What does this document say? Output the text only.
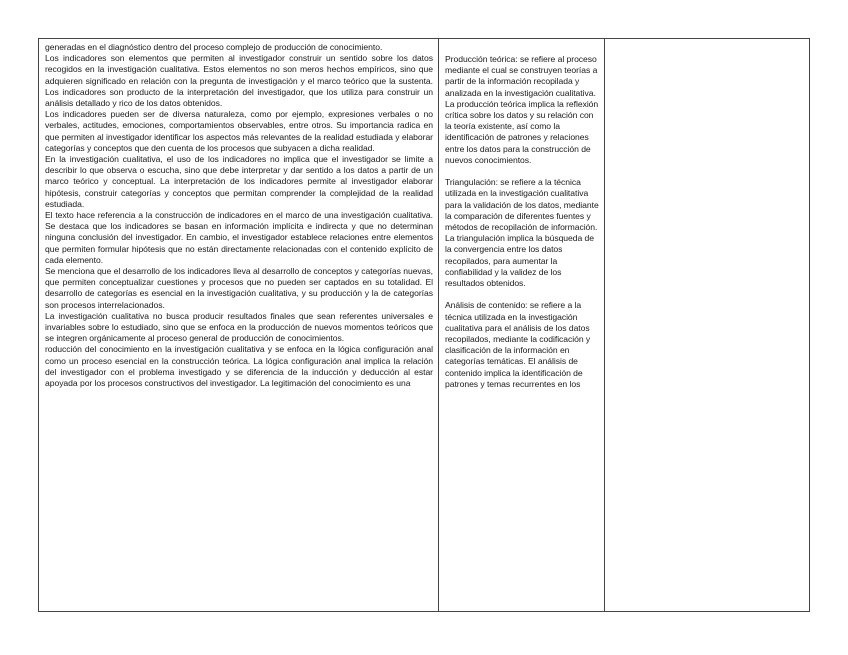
generadas en el diagnóstico dentro del proceso complejo de producción de conocimiento.

Los indicadores son elementos que permiten al investigador construir un sentido sobre los datos recogidos en la investigación cualitativa. Estos elementos no son meros hechos empíricos, sino que adquieren significado en relación con la pregunta de investigación y el marco teórico que la sustenta. Los indicadores son producto de la interpretación del investigador, que los utiliza para construir un análisis detallado y rico de los datos obtenidos.

Los indicadores pueden ser de diversa naturaleza, como por ejemplo, expresiones verbales o no verbales, actitudes, emociones, comportamientos observables, entre otros. Su importancia radica en que permiten al investigador identificar los aspectos más relevantes de la realidad estudiada y elaborar categorías y conceptos que den cuenta de los procesos que subyacen a dicha realidad.

En la investigación cualitativa, el uso de los indicadores no implica que el investigador se limite a describir lo que observa o escucha, sino que debe interpretar y dar sentido a los datos a partir de un marco teórico y conceptual. La interpretación de los indicadores permite al investigador elaborar hipótesis, construir categorías y conceptos que permitan comprender la complejidad de la realidad estudiada.

El texto hace referencia a la construcción de indicadores en el marco de una investigación cualitativa. Se destaca que los indicadores se basan en información implícita e indirecta y que no determinan ninguna conclusión del investigador. En cambio, el investigador establece relaciones entre elementos que permiten formular hipótesis que no están directamente relacionadas con el contenido explícito de cada elemento.

Se menciona que el desarrollo de los indicadores lleva al desarrollo de conceptos y categorías nuevas, que permiten conceptualizar cuestiones y procesos que no pueden ser captados en su totalidad. El desarrollo de categorías es esencial en la investigación cualitativa, y su producción y la de categorías son procesos interrelacionados.

La investigación cualitativa no busca producir resultados finales que sean referentes universales e invariables sobre lo estudiado, sino que se enfoca en la producción de nuevos momentos teóricos que se integren orgánicamente al proceso general de producción de conocimientos.

roducción del conocimiento en la investigación cualitativa y se enfoca en la lógica configuración anal como un proceso esencial en la construcción teórica. La lógica configuración anal implica la relación del investigador con el problema investigado y se diferencia de la inducción y deducción al estar apoyada por los procesos constructivos del investigador. La legitimación del conocimiento es una

Producción teórica: se refiere al proceso mediante el cual se construyen teorías a partir de la información recopilada y analizada en la investigación cualitativa. La producción teórica implica la reflexión crítica sobre los datos y su relación con la teoría existente, así como la identificación de patrones y relaciones entre los datos para la construcción de nuevos conocimientos.

Triangulación: se refiere a la técnica utilizada en la investigación cualitativa para la validación de los datos, mediante la comparación de diferentes fuentes y métodos de recopilación de información. La triangulación implica la búsqueda de la convergencia entre los datos recopilados, para aumentar la confiabilidad y la validez de los resultados obtenidos.

Análisis de contenido: se refiere a la técnica utilizada en la investigación cualitativa para el análisis de los datos recopilados, mediante la codificación y clasificación de la información en categorías temáticas. El análisis de contenido implica la identificación de patrones y temas recurrentes en los
